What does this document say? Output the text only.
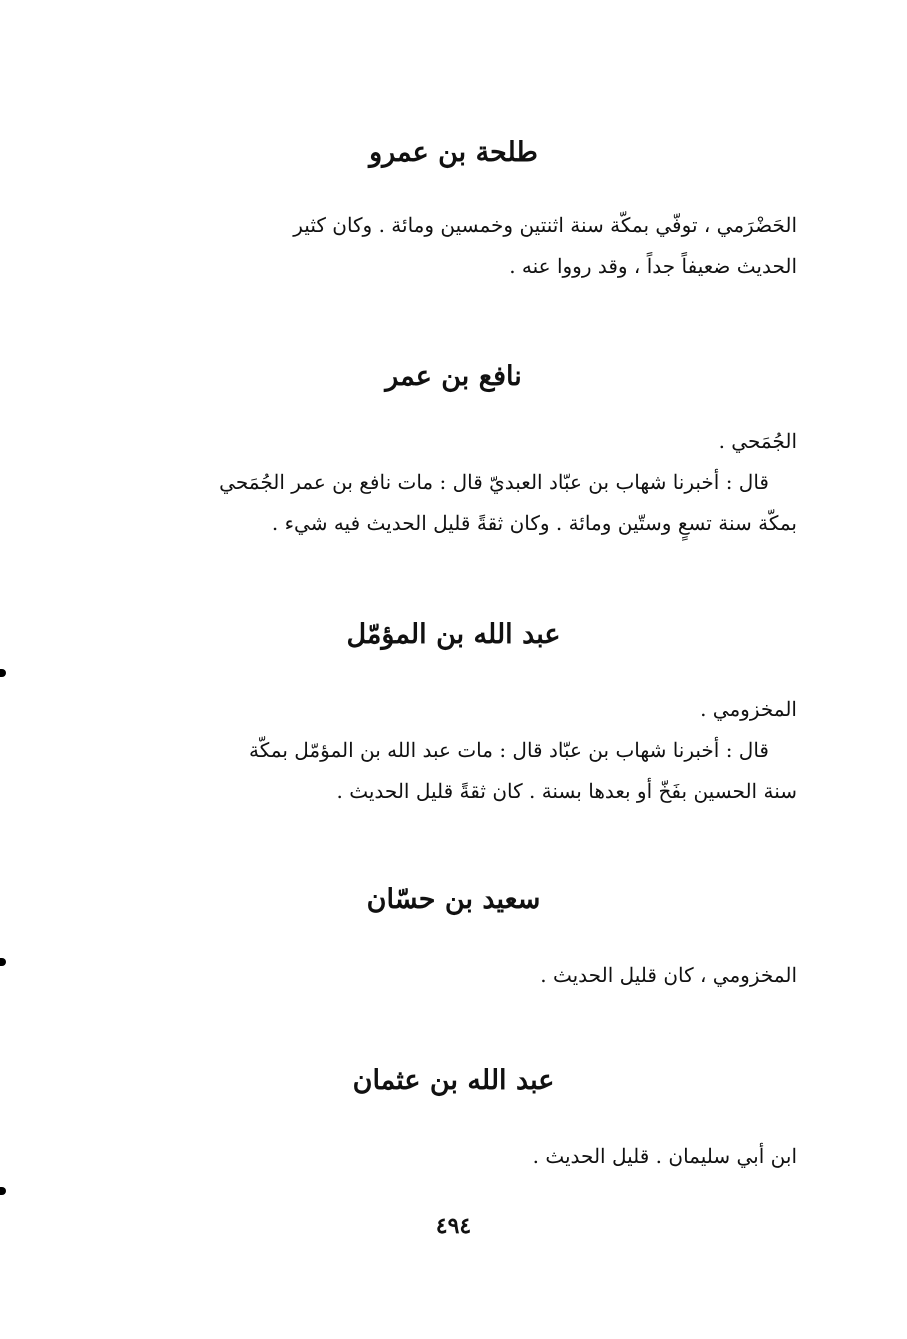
طلحة بن عمرو
الحَضْرَمي ، توفّي بمكّة سنة اثنتين وخمسين ومائة . وكان كثير
الحديث ضعيفاً جداً ، وقد رووا عنه .
نافع بن عمر
الجُمَحي .
قال : أخبرنا شهاب بن عبّاد العبديّ قال : مات نافع بن عمر الجُمَحي
بمكّة سنة تسعٍ وستّين ومائة . وكان ثقةً قليل الحديث فيه شيء .
عبد الله بن المؤمّل
المخزومي .
قال : أخبرنا شهاب بن عبّاد قال : مات عبد الله بن المؤمّل بمكّة
سنة الحسين بفَخّ أو بعدها بسنة . كان ثقةً قليل الحديث .
سعيد بن حسّان
المخزومي ، كان قليل الحديث .
عبد الله بن عثمان
ابن أبي سليمان . قليل الحديث .
٤٩٤
